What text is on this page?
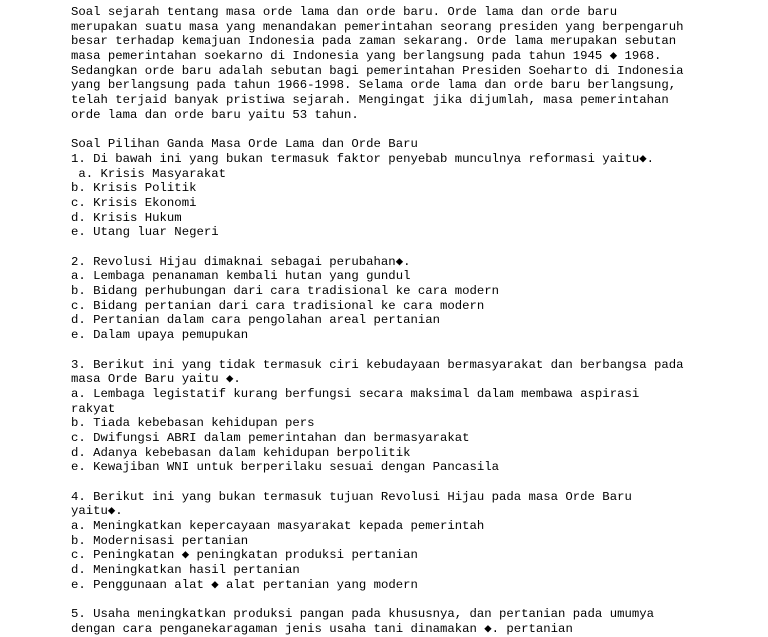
Soal sejarah tentang masa orde lama dan orde baru. Orde lama dan orde baru
merupakan suatu masa yang menandakan pemerintahan seorang presiden yang berpengaruh
besar terhadap kemajuan Indonesia pada zaman sekarang. Orde lama merupakan sebutan
masa pemerintahan soekarno di Indonesia yang berlangsung pada tahun 1945 ◆ 1968.
Sedangkan orde baru adalah sebutan bagi pemerintahan Presiden Soeharto di Indonesia
yang berlangsung pada tahun 1966-1998. Selama orde lama dan orde baru berlangsung,
telah terjaid banyak pristiwa sejarah. Mengingat jika dijumlah, masa pemerintahan
orde lama dan orde baru yaitu 53 tahun.
Soal Pilihan Ganda Masa Orde Lama dan Orde Baru
1. Di bawah ini yang bukan termasuk faktor penyebab munculnya reformasi yaitu◆.
a. Krisis Masyarakat
b. Krisis Politik
c. Krisis Ekonomi
d. Krisis Hukum
e. Utang luar Negeri
2. Revolusi Hijau dimaknai sebagai perubahan◆.
a. Lembaga penanaman kembali hutan yang gundul
b. Bidang perhubungan dari cara tradisional ke cara modern
c. Bidang pertanian dari cara tradisional ke cara modern
d. Pertanian dalam cara pengolahan areal pertanian
e. Dalam upaya pemupukan
3. Berikut ini yang tidak termasuk ciri kebudayaan bermasyarakat dan berbangsa pada
masa Orde Baru yaitu ◆.
a. Lembaga legistatif kurang berfungsi secara maksimal dalam membawa aspirasi
rakyat
b. Tiada kebebasan kehidupan pers
c. Dwifungsi ABRI dalam pemerintahan dan bermasyarakat
d. Adanya kebebasan dalam kehidupan berpolitik
e. Kewajiban WNI untuk berperilaku sesuai dengan Pancasila
4. Berikut ini yang bukan termasuk tujuan Revolusi Hijau pada masa Orde Baru
yaitu◆.
a. Meningkatkan kepercayaan masyarakat kepada pemerintah
b. Modernisasi pertanian
c. Peningkatan ◆ peningkatan produksi pertanian
d. Meningkatkan hasil pertanian
e. Penggunaan alat ◆ alat pertanian yang modern
5. Usaha meningkatkan produksi pangan pada khususnya, dan pertanian pada umumya
dengan cara penganekaragaman jenis usaha tani dinamakan ◆. pertanian
